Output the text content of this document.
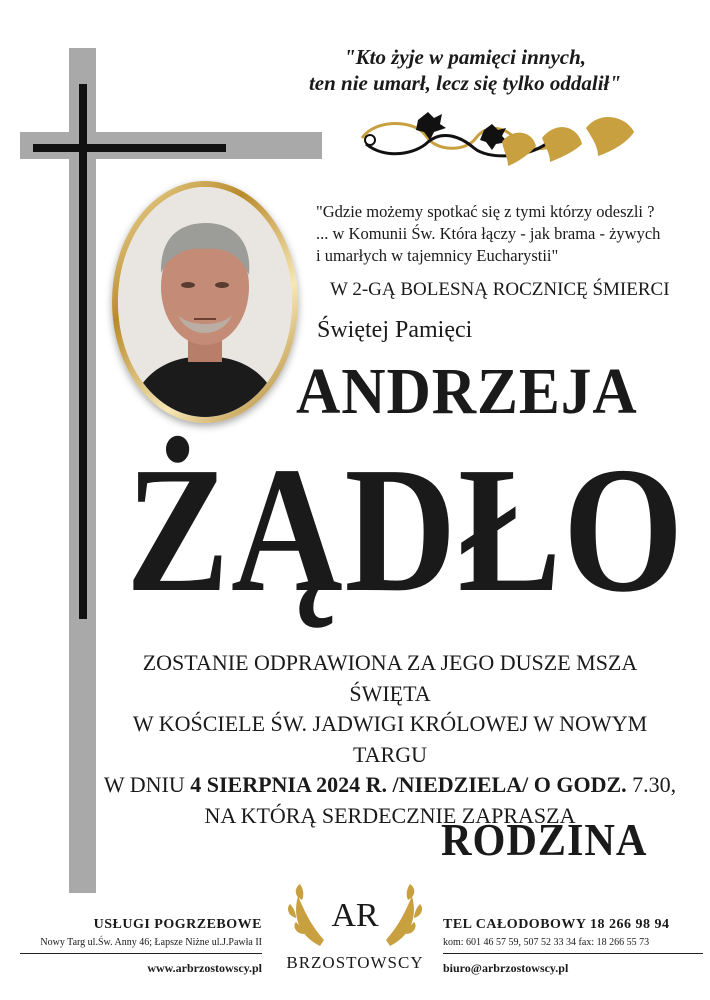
"Kto żyje w pamięci innych,
ten nie umarł, lecz się tylko oddalił"
"Gdzie możemy spotkać się z tymi którzy odeszli ?
... w Komunii Św. Która łączy - jak brama - żywych
i umarłych w tajemnicy Eucharystii"
W 2-GĄ BOLESNĄ ROCZNICĘ ŚMIERCI
Świętej Pamięci
ANDRZEJA
ŻĄDŁO
ZOSTANIE ODPRAWIONA ZA JEGO DUSZE MSZA ŚWIĘTA
W KOŚCIELE ŚW. JADWIGI KRÓLOWEJ W NOWYM TARGU
W DNIU 4 SIERPNIA 2024 R. /NIEDZIELA/ O GODZ. 7.30,
NA KTÓRĄ SERDECZNIE ZAPRASZA
RODZINA
USŁUGI POGRZEBOWE
Nowy Targ ul.Św. Anny 46; Łapsze Niżne ul.J.Pawła II
www.arbrzostowscy.pl
AR
BRZOSTOWSCY
TEL CAŁODOBOWY 18 266 98 94
kom: 601 46 57 59, 507 52 33 34 fax: 18 266 55 73
biuro@arbrzostowscy.pl
